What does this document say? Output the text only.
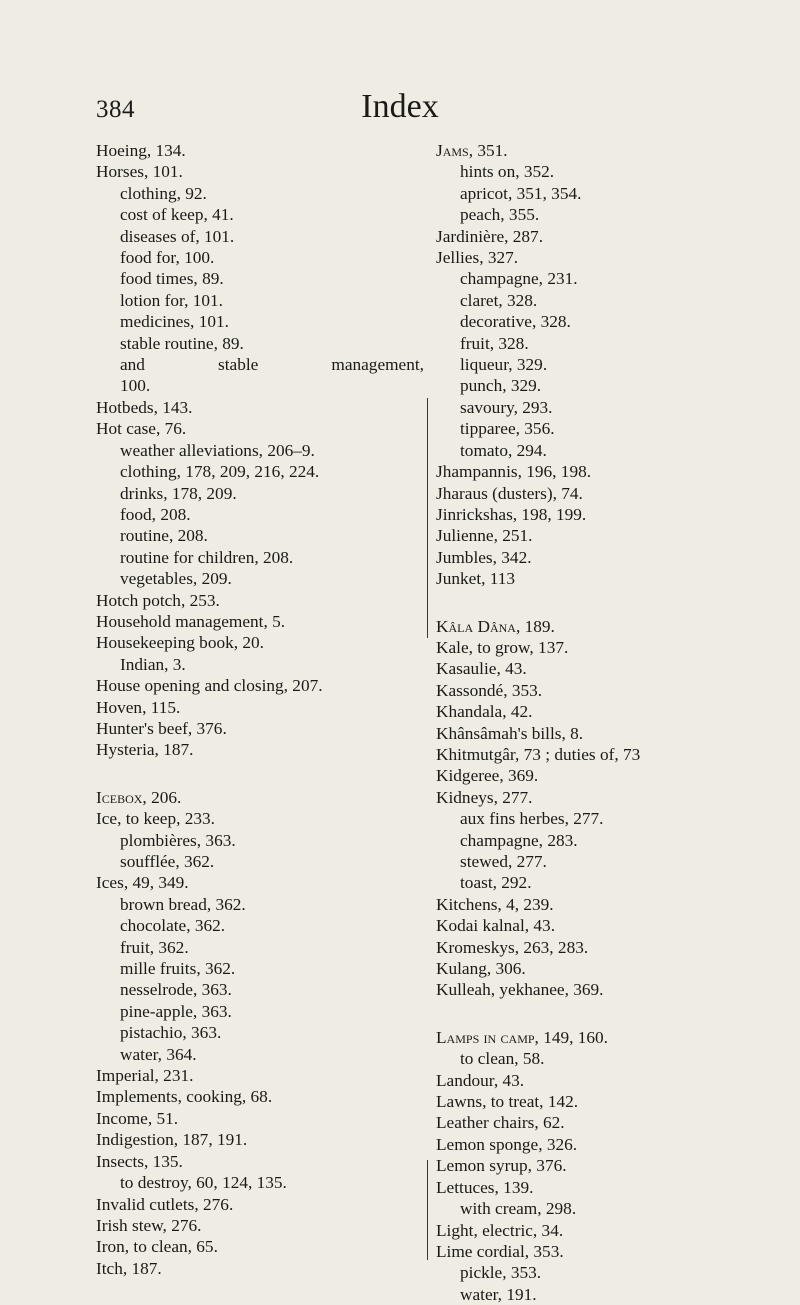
384	Index
Hoeing, 134.
Horses, 101.
clothing, 92.
cost of keep, 41.
diseases of, 101.
food for, 100.
food times, 89.
lotion for, 101.
medicines, 101.
stable routine, 89.
and stable management,
100.
Hotbeds, 143.
Hot case, 76.
weather alleviations, 206–9.
clothing, 178, 209, 216, 224.
drinks, 178, 209.
food, 208.
routine, 208.
routine for children, 208.
vegetables, 209.
Hotch potch, 253.
Household management, 5.
Housekeeping book, 20.
Indian, 3.
House opening and closing, 207.
Hoven, 115.
Hunter's beef, 376.
Hysteria, 187.
Icebox, 206.
Ice, to keep, 233.
plombières, 363.
soufflée, 362.
Ices, 49, 349.
brown bread, 362.
chocolate, 362.
fruit, 362.
mille fruits, 362.
nesselrode, 363.
pine-apple, 363.
pistachio, 363.
water, 364.
Imperial, 231.
Implements, cooking, 68.
Income, 51.
Indigestion, 187, 191.
Insects, 135.
to destroy, 60, 124, 135.
Invalid cutlets, 276.
Irish stew, 276.
Iron, to clean, 65.
Itch, 187.
Jams, 351.
hints on, 352.
apricot, 351, 354.
peach, 355.
Jardinière, 287.
Jellies, 327.
champagne, 231.
claret, 328.
decorative, 328.
fruit, 328.
liqueur, 329.
punch, 329.
savoury, 293.
tipparee, 356.
tomato, 294.
Jhampannis, 196, 198.
Jharaus (dusters), 74.
Jinrickshas, 198, 199.
Julienne, 251.
Jumbles, 342.
Junket, 113
Kâla Dâna, 189.
Kale, to grow, 137.
Kasaulie, 43.
Kassondé, 353.
Khandala, 42.
Khânsâmah's bills, 8.
Khitmutgâr, 73 ; duties of, 73
Kidgeree, 369.
Kidneys, 277.
aux fins herbes, 277.
champagne, 283.
stewed, 277.
toast, 292.
Kitchens, 4, 239.
Kodai kalnal, 43.
Kromeskys, 263, 283.
Kulang, 306.
Kulleah, yekhanee, 369.
Lamps in camp, 149, 160.
to clean, 58.
Landour, 43.
Lawns, to treat, 142.
Leather chairs, 62.
Lemon sponge, 326.
Lemon syrup, 376.
Lettuces, 139.
with cream, 298.
Light, electric, 34.
Lime cordial, 353.
pickle, 353.
water, 191.
